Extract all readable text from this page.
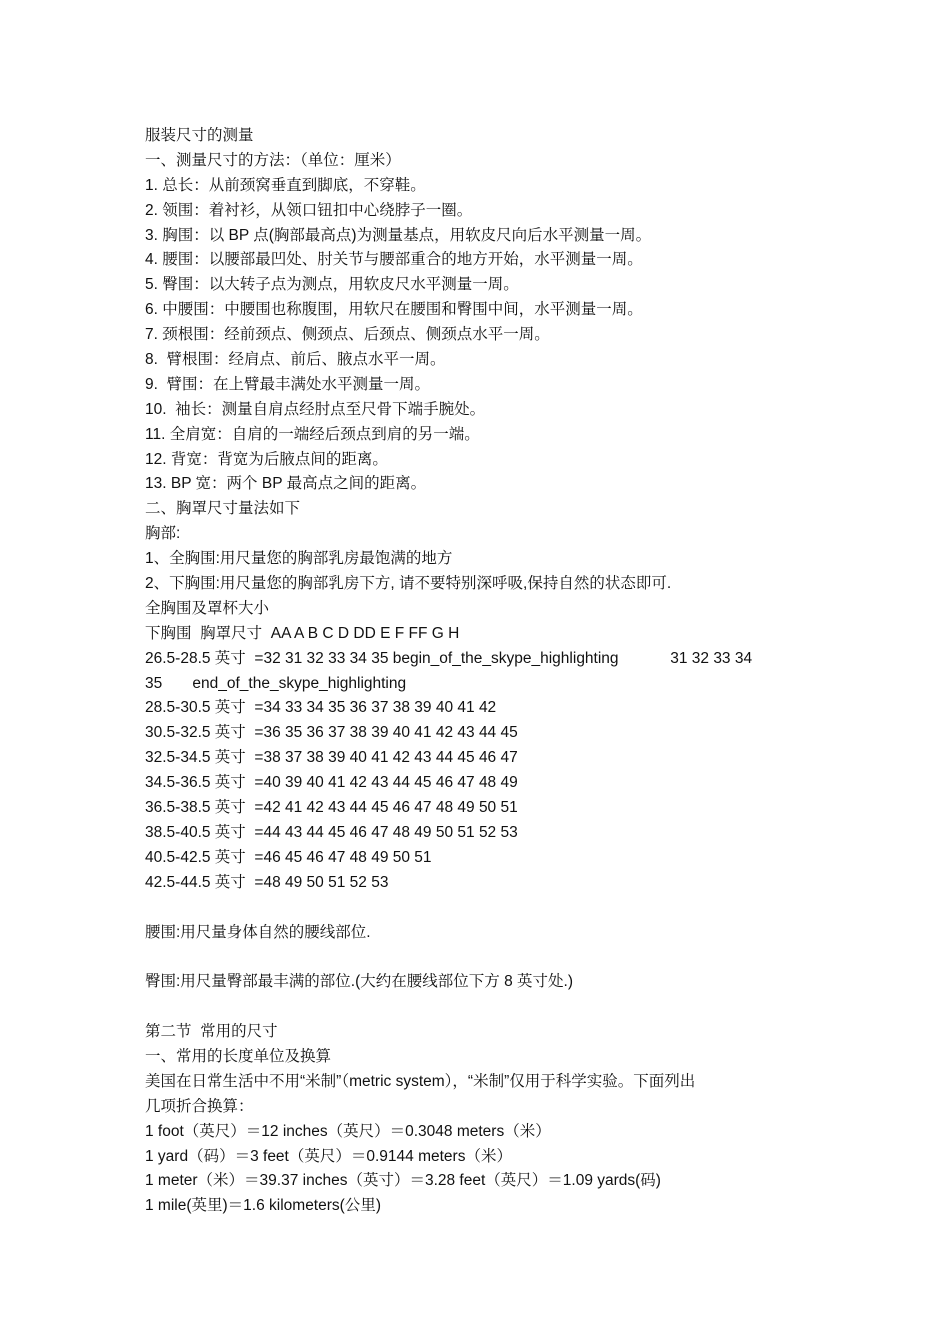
服装尺寸的测量
一、测量尺寸的方法：（单位：厘米）
1. 总长：从前颈窝垂直到脚底，不穿鞋。
2. 领围：着衬衫，从领口钮扣中心绕脖子一圈。
3. 胸围：以 BP 点(胸部最高点)为测量基点，用软皮尺向后水平测量一周。
4. 腰围：以腰部最凹处、肘关节与腰部重合的地方开始，水平测量一周。
5. 臀围：以大转子点为测点，用软皮尺水平测量一周。
6. 中腰围：中腰围也称腹围，用软尺在腰围和臀围中间，水平测量一周。
7. 颈根围：经前颈点、侧颈点、后颈点、侧颈点水平一周。
8.  臂根围：经肩点、前后、腋点水平一周。
9.  臂围：在上臂最丰满处水平测量一周。
10.  袖长：测量自肩点经肘点至尺骨下端手腕处。
11. 全肩宽：自肩的一端经后颈点到肩的另一端。
12. 背宽：背宽为后腋点间的距离。
13. BP 宽：两个 BP 最高点之间的距离。
二、胸罩尺寸量法如下
胸部:
1、全胸围:用尺量您的胸部乳房最饱满的地方
2、下胸围:用尺量您的胸部乳房下方, 请不要特别深呼吸,保持自然的状态即可.
全胸围及罩杯大小
下胸围  胸罩尺寸  AA A B C D DD E F FF G H
26.5-28.5 英寸  =32 31 32 33 34 35 begin_of_the_skype_highlighting            31 32 33 34
35       end_of_the_skype_highlighting
28.5-30.5 英寸  =34 33 34 35 36 37 38 39 40 41 42
30.5-32.5 英寸  =36 35 36 37 38 39 40 41 42 43 44 45
32.5-34.5 英寸  =38 37 38 39 40 41 42 43 44 45 46 47
34.5-36.5 英寸  =40 39 40 41 42 43 44 45 46 47 48 49
36.5-38.5 英寸  =42 41 42 43 44 45 46 47 48 49 50 51
38.5-40.5 英寸  =44 43 44 45 46 47 48 49 50 51 52 53
40.5-42.5 英寸  =46 45 46 47 48 49 50 51
42.5-44.5 英寸  =48 49 50 51 52 53
腰围:用尺量身体自然的腰线部位.
臀围:用尺量臀部最丰满的部位.(大约在腰线部位下方 8 英寸处.)
第二节  常用的尺寸
一、常用的长度单位及换算
美国在日常生活中不用“米制”（metric system），“米制”仅用于科学实验。下面列出
几项折合换算：
1 foot（英尺）＝12 inches（英尺）＝0.3048 meters（米）
1 yard（码）＝3 feet（英尺）＝0.9144 meters（米）
1 meter（米）＝39.37 inches（英寸）＝3.28 feet（英尺）＝1.09 yards(码)
1 mile(英里)＝1.6 kilometers(公里)
